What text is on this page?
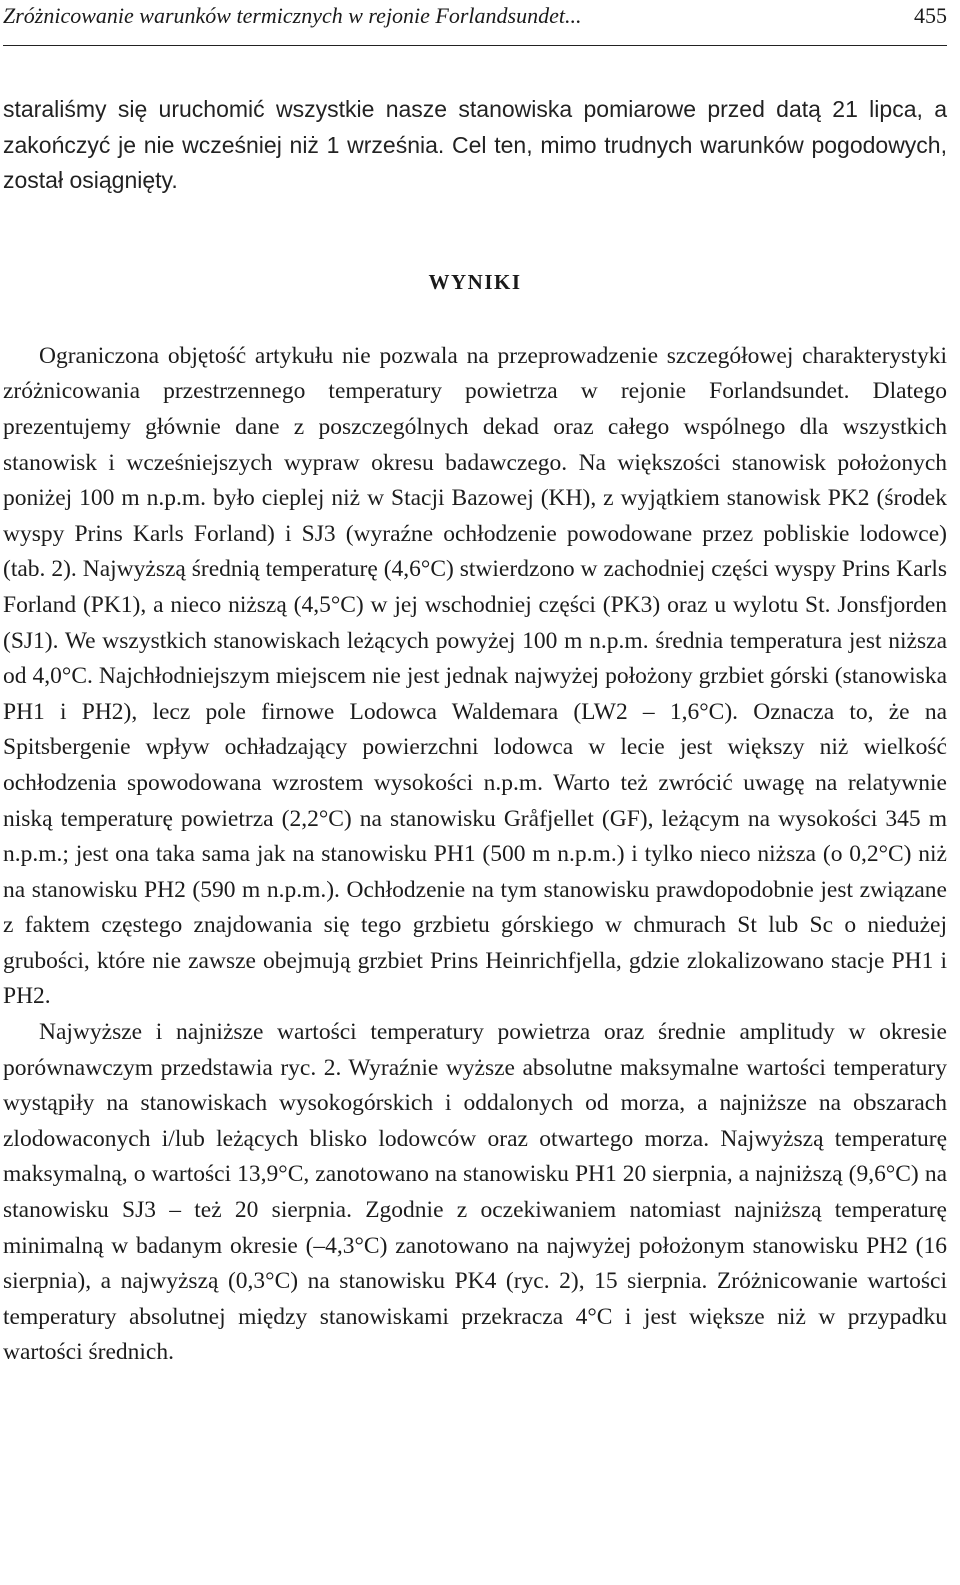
Zróżnicowanie warunków termicznych w rejonie Forlandsundet...	455

staraliśmy się uruchomić wszystkie nasze stanowiska pomiarowe przed datą 21 lipca, a zakończyć je nie wcześniej niż 1 września. Cel ten, mimo trudnych warunków pogodowych, został osiągnięty.

WYNIKI

Ograniczona objętość artykułu nie pozwala na przeprowadzenie szczegółowej charakterystyki zróżnicowania przestrzennego temperatury powietrza w rejonie Forlandsundet. Dlatego prezentujemy głównie dane z poszczególnych dekad oraz całego wspólnego dla wszystkich stanowisk i wcześniejszych wypraw okresu badawczego. Na większości stanowisk położonych poniżej 100 m n.p.m. było cieplej niż w Stacji Bazowej (KH), z wyjątkiem stanowisk PK2 (środek wyspy Prins Karls Forland) i SJ3 (wyraźne ochłodzenie powodowane przez pobliskie lodowce) (tab. 2). Najwyższą średnią temperaturę (4,6°C) stwierdzono w zachodniej części wyspy Prins Karls Forland (PK1), a nieco niższą (4,5°C) w jej wschodniej części (PK3) oraz u wylotu St. Jonsfjorden (SJ1). We wszystkich stanowiskach leżących powyżej 100 m n.p.m. średnia temperatura jest niższa od 4,0°C. Najchłodniejszym miejscem nie jest jednak najwyżej położony grzbiet górski (stanowiska PH1 i PH2), lecz pole firnowe Lodowca Waldemara (LW2 – 1,6°C). Oznacza to, że na Spitsbergenie wpływ ochładzający powierzchni lodowca w lecie jest większy niż wielkość ochłodzenia spowodowana wzrostem wysokości n.p.m. Warto też zwrócić uwagę na relatywnie niską temperaturę powietrza (2,2°C) na stanowisku Gråfjellet (GF), leżącym na wysokości 345 m n.p.m.; jest ona taka sama jak na stanowisku PH1 (500 m n.p.m.) i tylko nieco niższa (o 0,2°C) niż na stanowisku PH2 (590 m n.p.m.). Ochłodzenie na tym stanowisku prawdopodobnie jest związane z faktem częstego znajdowania się tego grzbietu górskiego w chmurach St lub Sc o niedużej grubości, które nie zawsze obejmują grzbiet Prins Heinrichfjella, gdzie zlokalizowano stacje PH1 i PH2.

Najwyższe i najniższe wartości temperatury powietrza oraz średnie amplitudy w okresie porównawczym przedstawia ryc. 2. Wyraźnie wyższe absolutne maksymalne wartości temperatury wystąpiły na stanowiskach wysokogórskich i oddalonych od morza, a najniższe na obszarach zlodowaconych i/lub leżących blisko lodowców oraz otwartego morza. Najwyższą temperaturę maksymalną, o wartości 13,9°C, zanotowano na stanowisku PH1 20 sierpnia, a najniższą (9,6°C) na stanowisku SJ3 – też 20 sierpnia. Zgodnie z oczekiwaniem natomiast najniższą temperaturę minimalną w badanym okresie (–4,3°C) zanotowano na najwyżej położonym stanowisku PH2 (16 sierpnia), a najwyższą (0,3°C) na stanowisku PK4 (ryc. 2), 15 sierpnia. Zróżnicowanie wartości temperatury absolutnej między stanowiskami przekracza 4°C i jest większe niż w przypadku wartości średnich.
